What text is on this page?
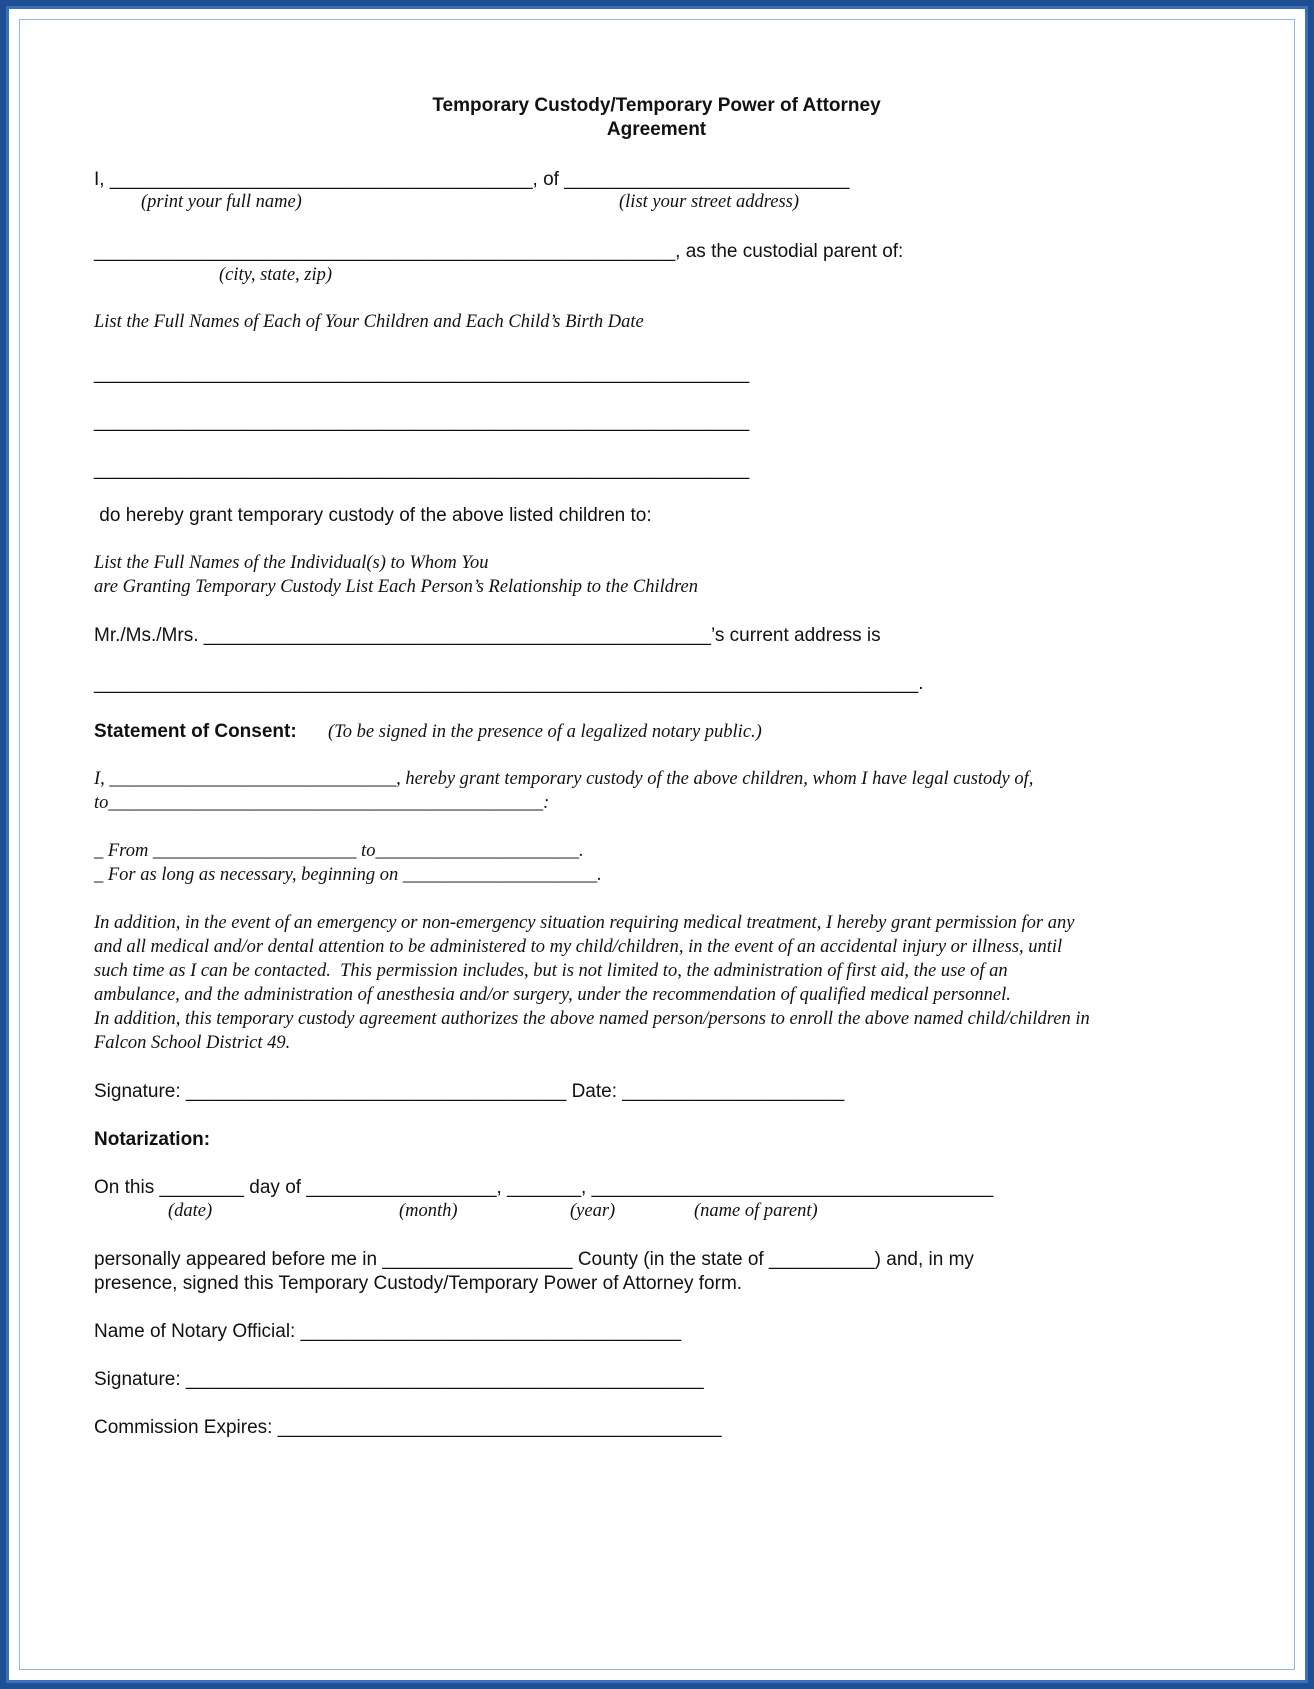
Temporary Custody/Temporary Power of Attorney
Agreement
I, ________________________________________, of ___________________________
(print your full name)	(list your street address)
_______________________________________________________, as the custodial parent of:
(city, state, zip)
List the Full Names of Each of Your Children and Each Child’s Birth Date
______________________________________________________________
______________________________________________________________
______________________________________________________________
do hereby grant temporary custody of the above listed children to:
List the Full Names of the Individual(s) to Whom You
are Granting Temporary Custody List Each Person’s Relationship to the Children
Mr./Ms./Mrs. ________________________________________________’s current address is
______________________________________________________________________________.
Statement of Consent: (To be signed in the presence of a legalized notary public.)
I, _______________________________, hereby grant temporary custody of the above children, whom I have legal custody of,
to_______________________________________________:
_ From ______________________ to______________________.
_ For as long as necessary, beginning on _____________________.
In addition, in the event of an emergency or non-emergency situation requiring medical treatment, I hereby grant permission for any
and all medical and/or dental attention to be administered to my child/children, in the event of an accidental injury or illness, until
such time as I can be contacted.  This permission includes, but is not limited to, the administration of first aid, the use of an
ambulance, and the administration of anesthesia and/or surgery, under the recommendation of qualified medical personnel.
In addition, this temporary custody agreement authorizes the above named person/persons to enroll the above named child/children in
Falcon School District 49.
Signature: ____________________________________ Date: _____________________
Notarization:
On this ________ day of __________________, _______, ______________________________________
(date)	(month)	(year)	(name of parent)
personally appeared before me in __________________ County (in the state of __________) and, in my
presence, signed this Temporary Custody/Temporary Power of Attorney form.
Name of Notary Official: ____________________________________
Signature: _________________________________________________
Commission Expires: __________________________________________
